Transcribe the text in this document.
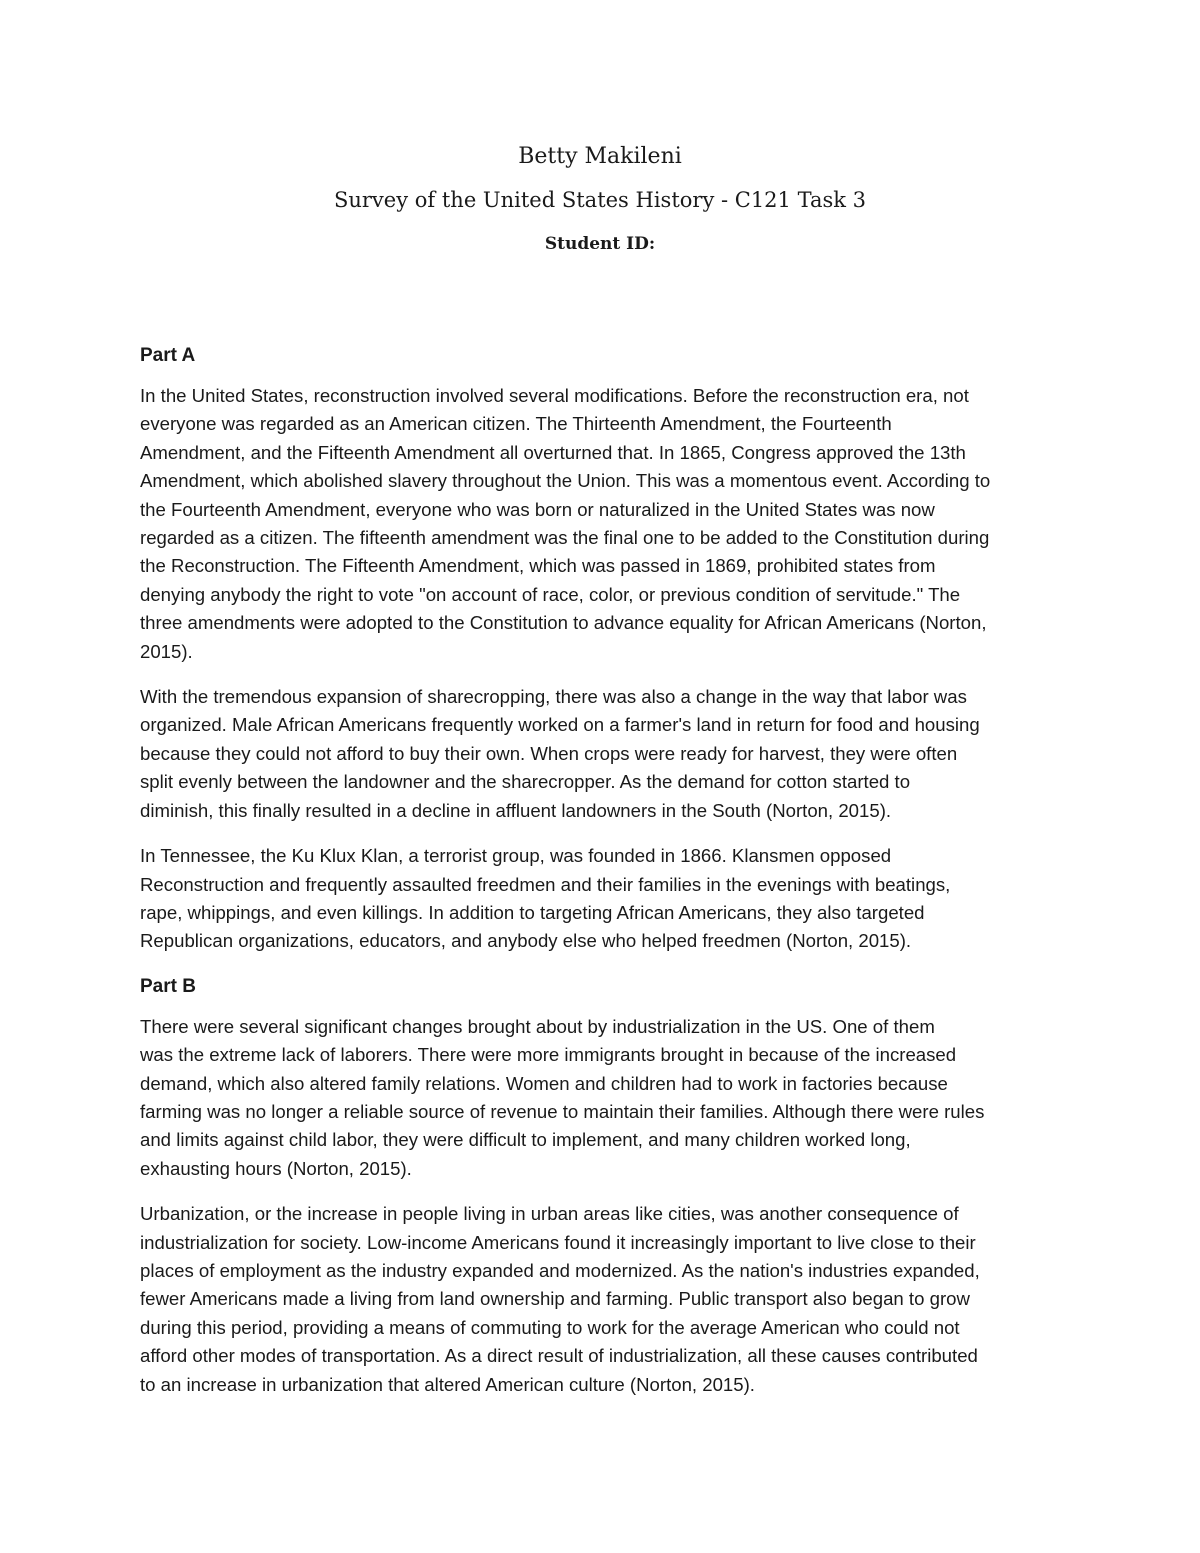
Betty Makileni
Survey of the United States History - C121 Task 3
Student ID:
Part A
In the United States, reconstruction involved several modifications. Before the reconstruction era, not
everyone was regarded as an American citizen. The Thirteenth Amendment, the Fourteenth
Amendment, and the Fifteenth Amendment all overturned that. In 1865, Congress approved the 13th
Amendment, which abolished slavery throughout the Union. This was a momentous event. According to
the Fourteenth Amendment, everyone who was born or naturalized in the United States was now
regarded as a citizen. The fifteenth amendment was the final one to be added to the Constitution during
the Reconstruction. The Fifteenth Amendment, which was passed in 1869, prohibited states from
denying anybody the right to vote "on account of race, color, or previous condition of servitude." The
three amendments were adopted to the Constitution to advance equality for African Americans (Norton,
2015).
With the tremendous expansion of sharecropping, there was also a change in the way that labor was
organized. Male African Americans frequently worked on a farmer's land in return for food and housing
because they could not afford to buy their own. When crops were ready for harvest, they were often
split evenly between the landowner and the sharecropper. As the demand for cotton started to
diminish, this finally resulted in a decline in affluent landowners in the South (Norton, 2015).
In Tennessee, the Ku Klux Klan, a terrorist group, was founded in 1866. Klansmen opposed
Reconstruction and frequently assaulted freedmen and their families in the evenings with beatings,
rape, whippings, and even killings. In addition to targeting African Americans, they also targeted
Republican organizations, educators, and anybody else who helped freedmen (Norton, 2015).
Part B
There were several significant changes brought about by industrialization in the US. One of them
was the extreme lack of laborers. There were more immigrants brought in because of the increased
demand, which also altered family relations. Women and children had to work in factories because
farming was no longer a reliable source of revenue to maintain their families. Although there were rules
and limits against child labor, they were difficult to implement, and many children worked long,
exhausting hours (Norton, 2015).
Urbanization, or the increase in people living in urban areas like cities, was another consequence of
industrialization for society. Low-income Americans found it increasingly important to live close to their
places of employment as the industry expanded and modernized. As the nation's industries expanded,
fewer Americans made a living from land ownership and farming. Public transport also began to grow
during this period, providing a means of commuting to work for the average American who could not
afford other modes of transportation. As a direct result of industrialization, all these causes contributed
to an increase in urbanization that altered American culture (Norton, 2015).
